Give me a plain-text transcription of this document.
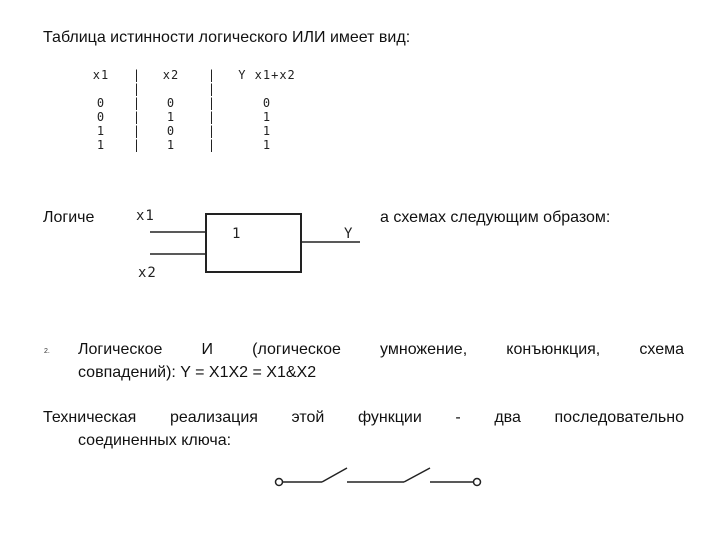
Таблица истинности логического ИЛИ имеет вид:
x1
0
0
1
1
|
|
|
|
|
|
x2
0
1
0
1
|
|
|
|
|
|
Y x1+x2
0
1
1
1
Логиче	а схемах следующим образом:
x1
x2
1	Y
2. Логическое И (логическое умножение, конъюнкция, схема
совпадений): Y = X1X2 = X1&X2
Техническая реализация этой функции - два последовательно
соединенных ключа:
